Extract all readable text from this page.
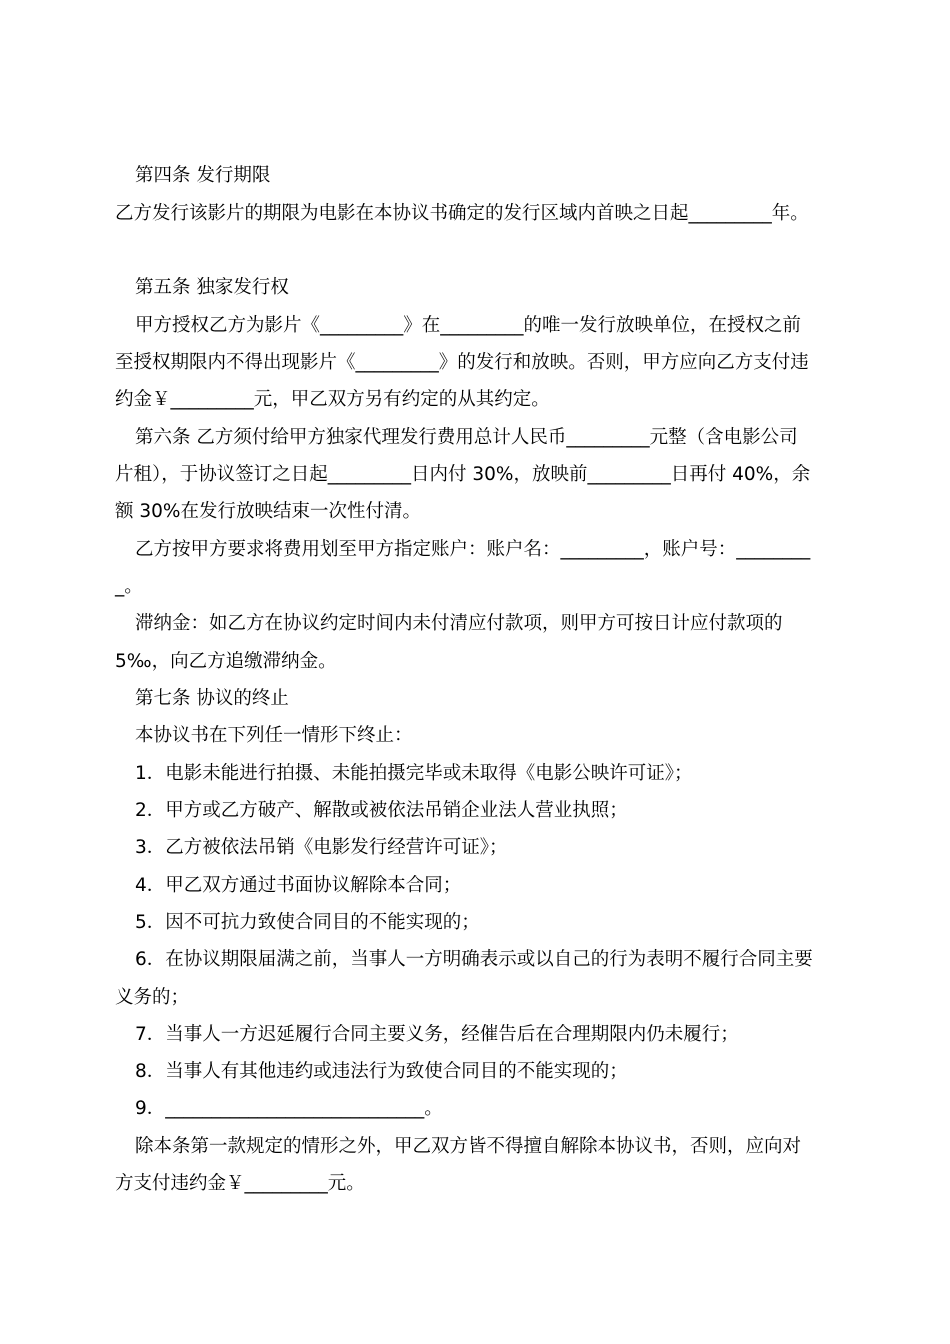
第四条 发行期限
乙方发行该影片的期限为电影在本协议书确定的发行区域内首映之日起_________年。
第五条 独家发行权
甲方授权乙方为影片《_________》在_________的唯一发行放映单位，在授权之前
至授权期限内不得出现影片《_________》的发行和放映。否则，甲方应向乙方支付违
约金￥_________元，甲乙双方另有约定的从其约定。
第六条 乙方须付给甲方独家代理发行费用总计人民币_________元整（含电影公司
片租），于协议签订之日起_________日内付 30%，放映前_________日再付 40%，余
额 30%在发行放映结束一次性付清。
乙方按甲方要求将费用划至甲方指定账户：账户名：_________，账户号：________
_。
滞纳金：如乙方在协议约定时间内未付清应付款项，则甲方可按日计应付款项的
5‰，向乙方追缴滞纳金。
第七条 协议的终止
本协议书在下列任一情形下终止：
1．电影未能进行拍摄、未能拍摄完毕或未取得《电影公映许可证》；
2．甲方或乙方破产、解散或被依法吊销企业法人营业执照；
3．乙方被依法吊销《电影发行经营许可证》；
4．甲乙双方通过书面协议解除本合同；
5．因不可抗力致使合同目的不能实现的；
6．在协议期限届满之前，当事人一方明确表示或以自己的行为表明不履行合同主要
义务的；
7．当事人一方迟延履行合同主要义务，经催告后在合理期限内仍未履行；
8．当事人有其他违约或违法行为致使合同目的不能实现的；
9．____________________________。
除本条第一款规定的情形之外，甲乙双方皆不得擅自解除本协议书，否则，应向对
方支付违约金￥_________元。
